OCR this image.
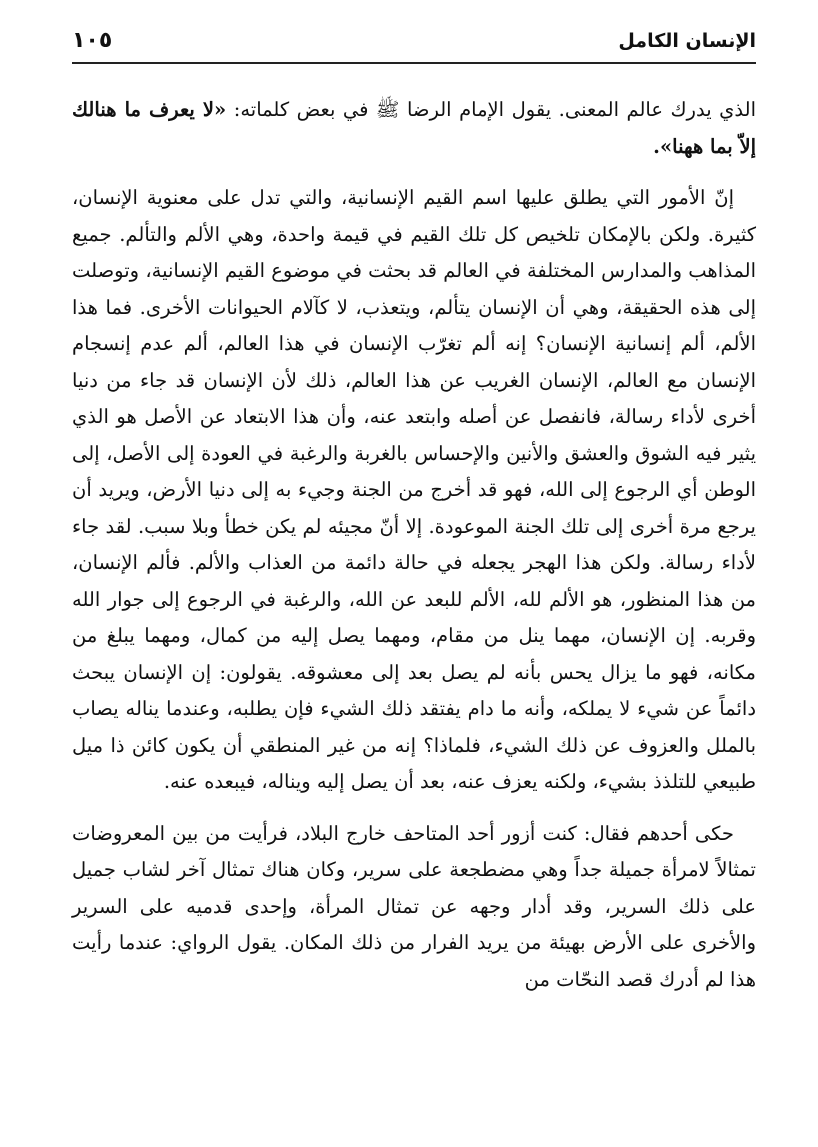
الإنسان الكامل
١٠٥

الذي يدرك عالم المعنى. يقول الإمام الرضا ﷺ في بعض كلماته: «لا يعرف ما هنالك إلاّ بما ههنا».

إنّ الأمور التي يطلق عليها اسم القيم الإنسانية، والتي تدل على معنوية الإنسان، كثيرة. ولكن بالإمكان تلخيص كل تلك القيم في قيمة واحدة، وهي الألم والتألم. جميع المذاهب والمدارس المختلفة في العالم قد بحثت في موضوع القيم الإنسانية، وتوصلت إلى هذه الحقيقة، وهي أن الإنسان يتألم، ويتعذب، لا كآلام الحيوانات الأخرى. فما هذا الألم، ألم إنسانية الإنسان؟ إنه ألم تغرّب الإنسان في هذا العالم، ألم عدم إنسجام الإنسان مع العالم، الإنسان الغريب عن هذا العالم، ذلك لأن الإنسان قد جاء من دنيا أخرى لأداء رسالة، فانفصل عن أصله وابتعد عنه، وأن هذا الابتعاد عن الأصل هو الذي يثير فيه الشوق والعشق والأنين والإحساس بالغربة والرغبة في العودة إلى الأصل، إلى الوطن أي الرجوع إلى الله، فهو قد أخرج من الجنة وجيء به إلى دنيا الأرض، ويريد أن يرجع مرة أخرى إلى تلك الجنة الموعودة. إلا أنّ مجيئه لم يكن خطأ وبلا سبب. لقد جاء لأداء رسالة. ولكن هذا الهجر يجعله في حالة دائمة من العذاب والألم. فألم الإنسان، من هذا المنظور، هو الألم لله، الألم للبعد عن الله، والرغبة في الرجوع إلى جوار الله وقربه. إن الإنسان، مهما ينل من مقام، ومهما يصل إليه من كمال، ومهما يبلغ من مكانه، فهو ما يزال يحس بأنه لم يصل بعد إلى معشوقه. يقولون: إن الإنسان يبحث دائماً عن شيء لا يملكه، وأنه ما دام يفتقد ذلك الشيء فإن يطلبه، وعندما يناله يصاب بالملل والعزوف عن ذلك الشيء، فلماذا؟ إنه من غير المنطقي أن يكون كائن ذا ميل طبيعي للتلذذ بشيء، ولكنه يعزف عنه، بعد أن يصل إليه ويناله، فيبعده عنه.

حكى أحدهم فقال: كنت أزور أحد المتاحف خارج البلاد، فرأيت من بين المعروضات تمثالاً لامرأة جميلة جداً وهي مضطجعة على سرير، وكان هناك تمثال آخر لشاب جميل على ذلك السرير، وقد أدار وجهه عن تمثال المرأة، وإحدى قدميه على السرير والأخرى على الأرض بهيئة من يريد الفرار من ذلك المكان. يقول الرواي: عندما رأيت هذا لم أدرك قصد النحّات من
